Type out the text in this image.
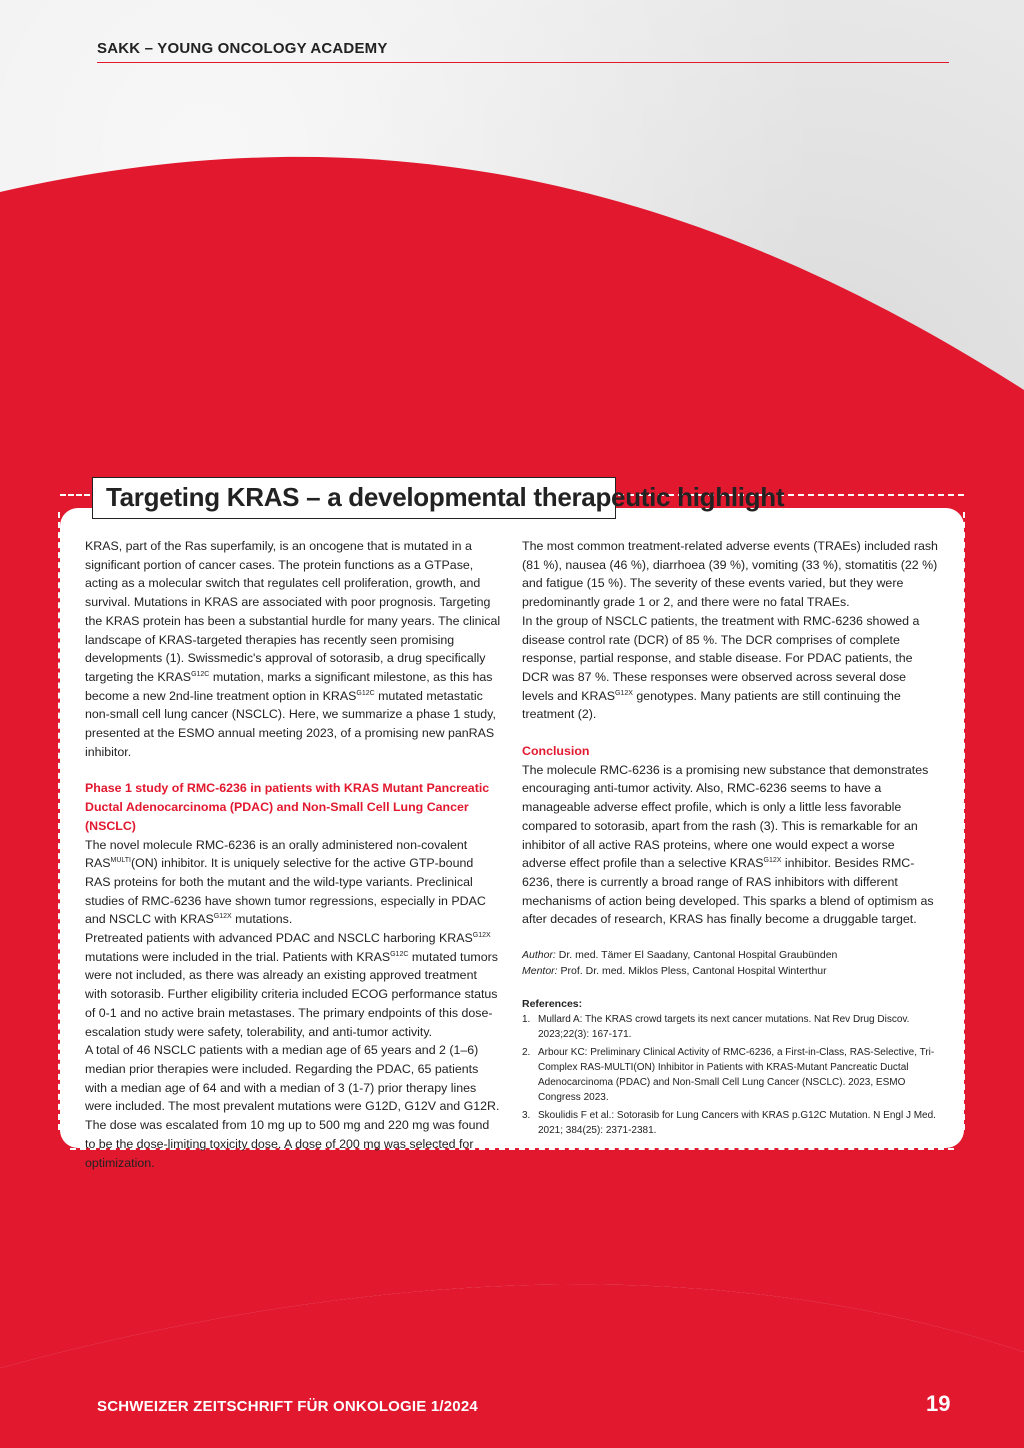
SAKK – YOUNG ONCOLOGY ACADEMY
Targeting KRAS – a developmental therapeutic highlight

KRAS, part of the Ras superfamily, is an oncogene that is mutated in a significant portion of cancer cases. The protein functions as a GTPase, acting as a molecular switch that regulates cell proliferation, growth, and survival. Mutations in KRAS are associated with poor prognosis. Targeting the KRAS protein has been a substantial hurdle for many years. The clinical landscape of KRAS-targeted therapies has recently seen promising developments (1). Swissmedic's approval of sotorasib, a drug specifically targeting the $KRAS^{G12C}$ mutation, marks a significant milestone, as this has become a new 2nd-line treatment option in $KRAS^{G12C}$ mutated metastatic non-small cell lung cancer (NSCLC). Here, we summarize a phase 1 study, presented at the ESMO annual meeting 2023, of a promising new panRAS inhibitor.

Phase 1 study of RMC-6236 in patients with KRAS Mutant Pancreatic Ductal Adenocarcinoma (PDAC) and Non-Small Cell Lung Cancer (NSCLC)

The novel molecule RMC-6236 is an orally administered non-covalent $RAS^{MULTI}(ON)$ inhibitor. It is uniquely selective for the active GTP-bound RAS proteins for both the mutant and the wild-type variants. Preclinical studies of RMC-6236 have shown tumor regressions, especially in PDAC and NSCLC with $KRAS^{G12X}$ mutations.

Pretreated patients with advanced PDAC and NSCLC harboring $KRAS^{G12X}$ mutations were included in the trial. Patients with $KRAS^{G12C}$ mutated tumors were not included, as there was already an existing approved treatment with sotorasib. Further eligibility criteria included ECOG performance status of 0-1 and no active brain metastases. The primary endpoints of this dose-escalation study were safety, tolerability, and anti-tumor activity.

A total of 46 NSCLC patients with a median age of 65 years and 2 (1–6) median prior therapies were included. Regarding the PDAC, 65 patients with a median age of 64 and with a median of 3 (1-7) prior therapy lines were included. The most prevalent mutations were G12D, G12V and G12R. The dose was escalated from 10 mg up to 500 mg and 220 mg was found to be the dose-limiting toxicity dose. A dose of 200 mg was selected for optimization.

The most common treatment-related adverse events (TRAEs) included rash (81 %), nausea (46 %), diarrhoea (39 %), vomiting (33 %), stomatitis (22 %) and fatigue (15 %). The severity of these events varied, but they were predominantly grade 1 or 2, and there were no fatal TRAEs.

In the group of NSCLC patients, the treatment with RMC-6236 showed a disease control rate (DCR) of 85 %. The DCR comprises of complete response, partial response, and stable disease. For PDAC patients, the DCR was 87 %. These responses were observed across several dose levels and $KRAS^{G12X}$ genotypes. Many patients are still continuing the treatment (2).

Conclusion

The molecule RMC-6236 is a promising new substance that demonstrates encouraging anti-tumor activity. Also, RMC-6236 seems to have a manageable adverse effect profile, which is only a little less favorable compared to sotorasib, apart from the rash (3). This is remarkable for an inhibitor of all active RAS proteins, where one would expect a worse adverse effect profile than a selective $KRAS^{G12X}$ inhibitor. Besides RMC-6236, there is currently a broad range of RAS inhibitors with different mechanisms of action being developed. This sparks a blend of optimism as after decades of research, KRAS has finally become a druggable target.

Author: Dr. med. Tämer El Saadany, Cantonal Hospital Graubünden

Mentor: Prof. Dr. med. Miklos Pless, Cantonal Hospital Winterthur

References:

1. Mullard A: The KRAS crowd targets its next cancer mutations. Nat Rev Drug Discov. 2023;22(3): 167-171.
2. Arbour KC: Preliminary Clinical Activity of RMC-6236, a First-in-Class, RAS-Selective, Tri-Complex RAS-MULTI(ON) Inhibitor in Patients with KRAS-Mutant Pancreatic Ductal Adenocarcinoma (PDAC) and Non-Small Cell Lung Cancer (NSCLC). 2023, ESMO Congress 2023.
3. Skoulidis F et al.: Sotorasib for Lung Cancers with KRAS p.G12C Mutation. N Engl J Med. 2021; 384(25): 2371-2381.
SCHWEIZER ZEITSCHRIFT FÜR ONKOLOGIE 1/2024	19
